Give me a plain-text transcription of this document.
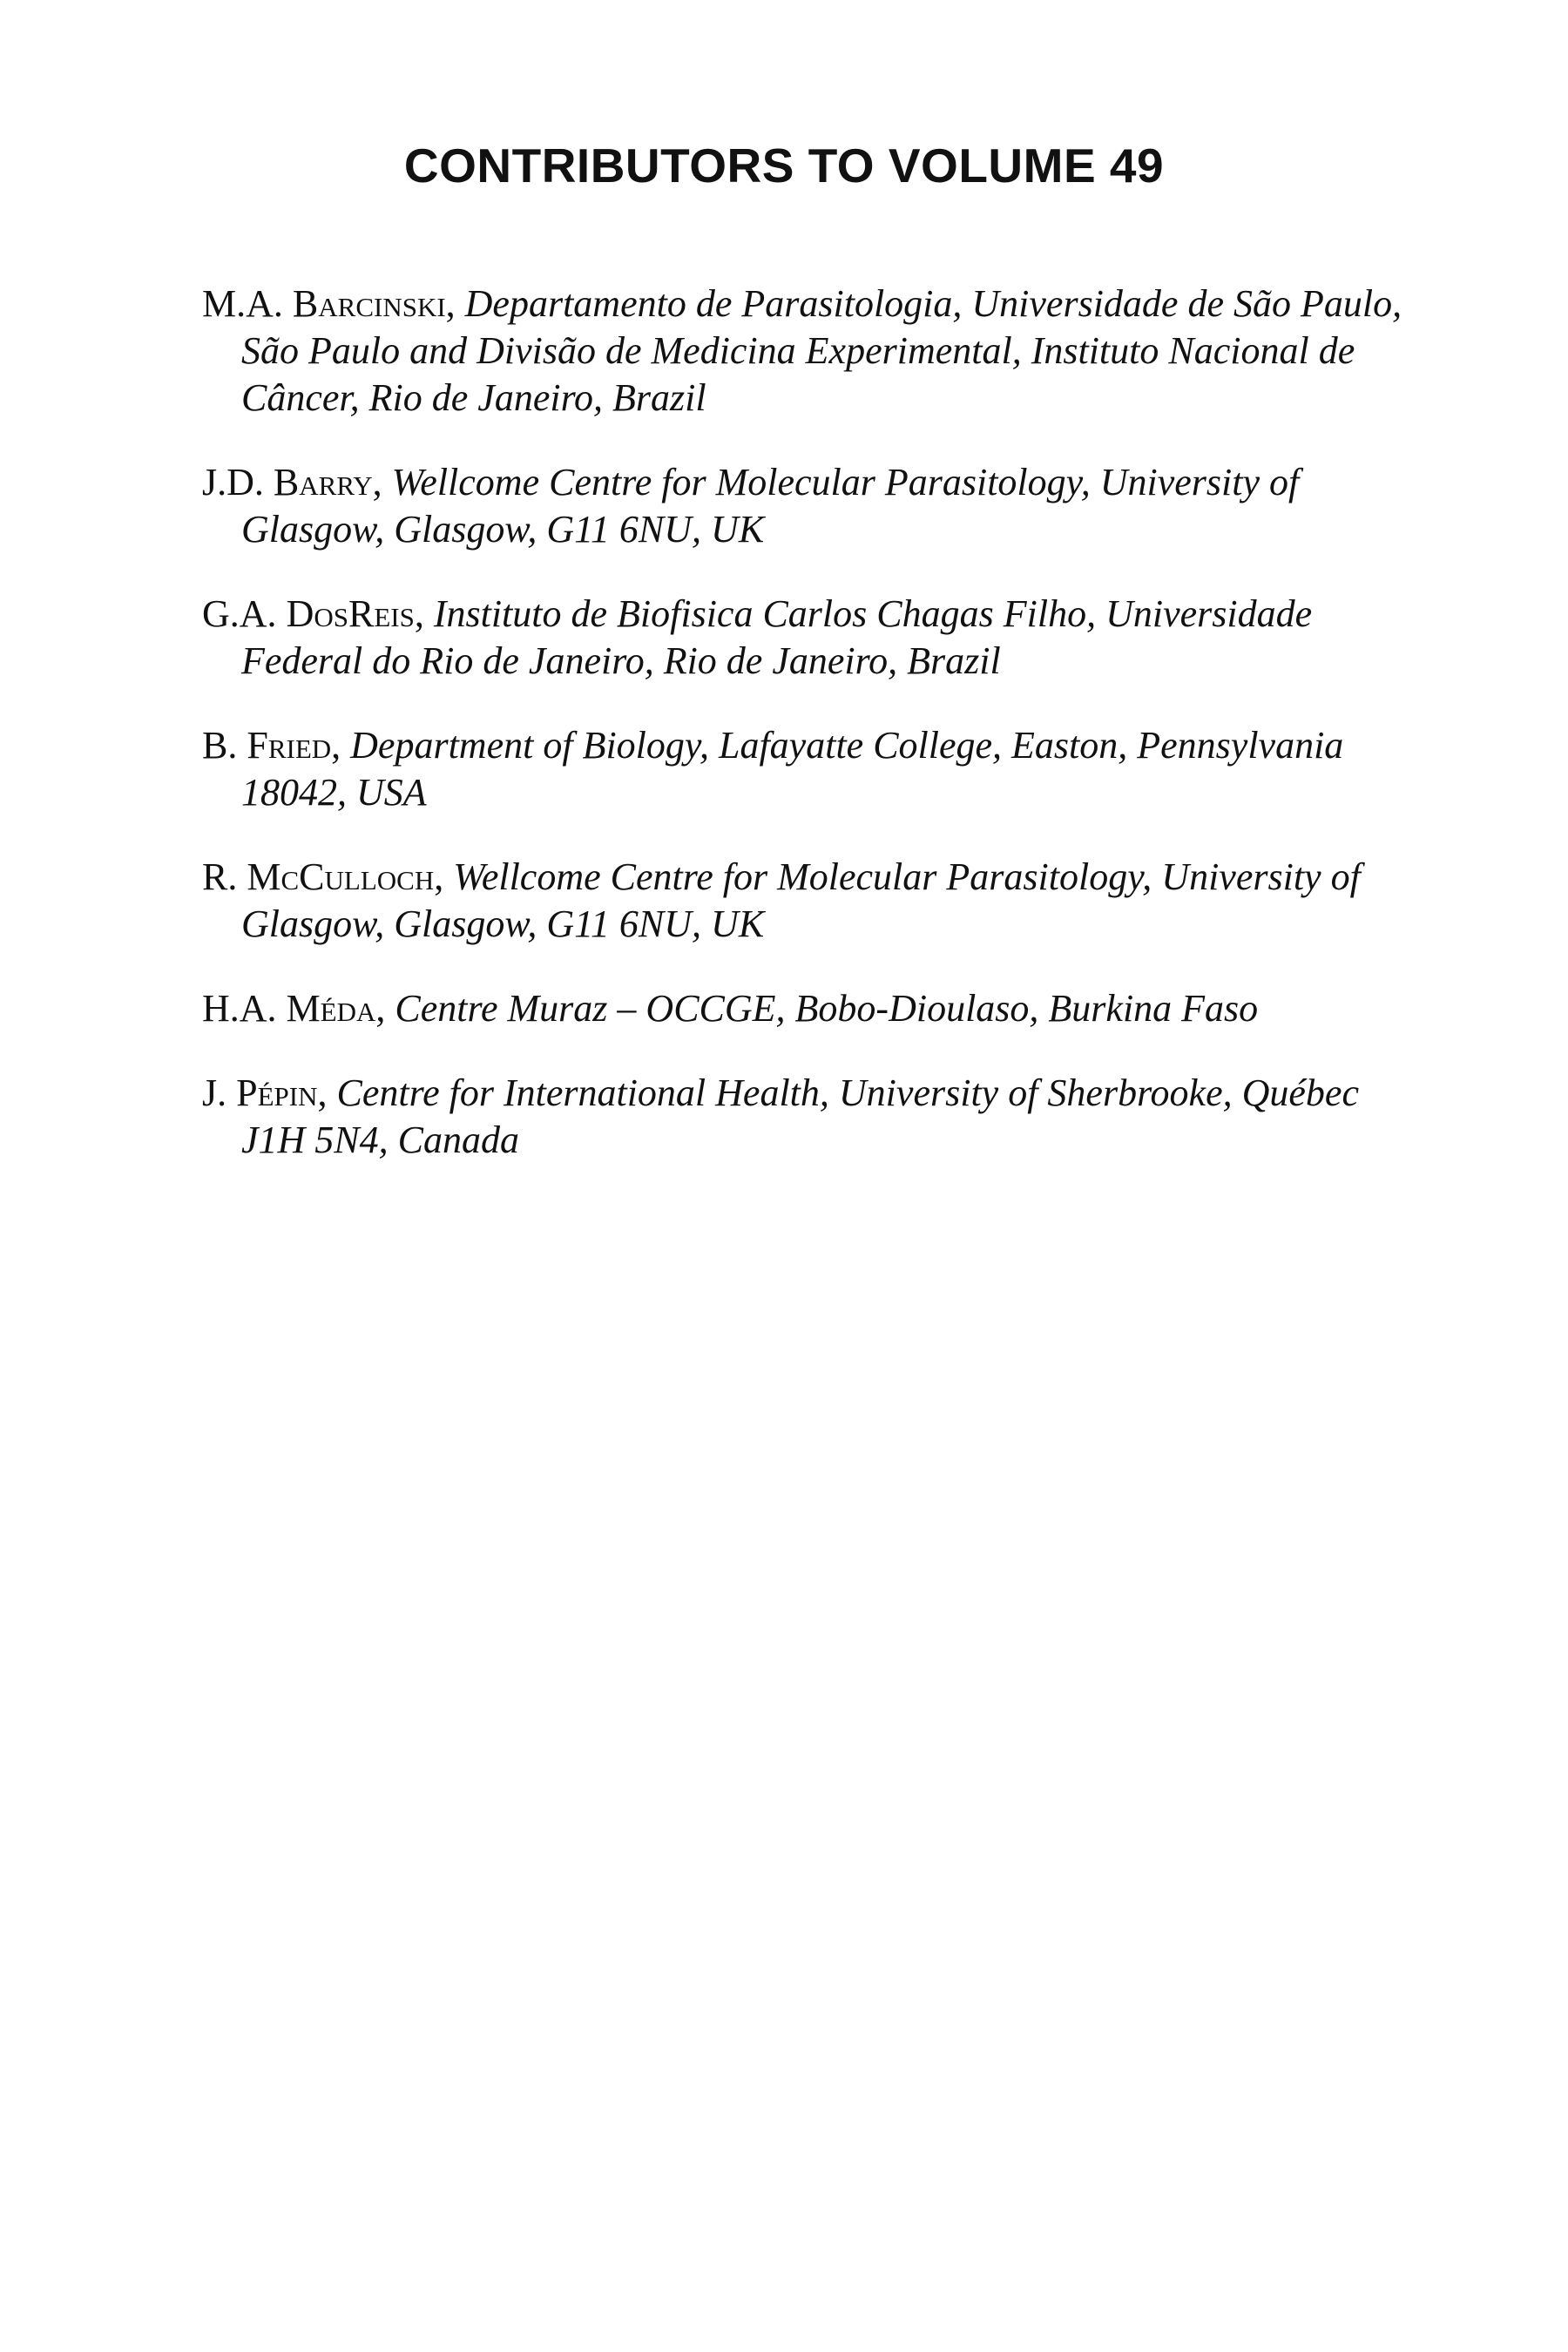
CONTRIBUTORS TO VOLUME 49
M.A. Barcinski, Departamento de Parasitologia, Universidade de São Paulo, São Paulo and Divisão de Medicina Experimental, Instituto Nacional de Câncer, Rio de Janeiro, Brazil
J.D. Barry, Wellcome Centre for Molecular Parasitology, University of Glasgow, Glasgow, G11 6NU, UK
G.A. DosReis, Instituto de Biofisica Carlos Chagas Filho, Universidade Federal do Rio de Janeiro, Rio de Janeiro, Brazil
B. Fried, Department of Biology, Lafayatte College, Easton, Pennsylvania 18042, USA
R. McCulloch, Wellcome Centre for Molecular Parasitology, University of Glasgow, Glasgow, G11 6NU, UK
H.A. Méda, Centre Muraz – OCCGE, Bobo-Dioulaso, Burkina Faso
J. Pépin, Centre for International Health, University of Sherbrooke, Québec J1H 5N4, Canada
